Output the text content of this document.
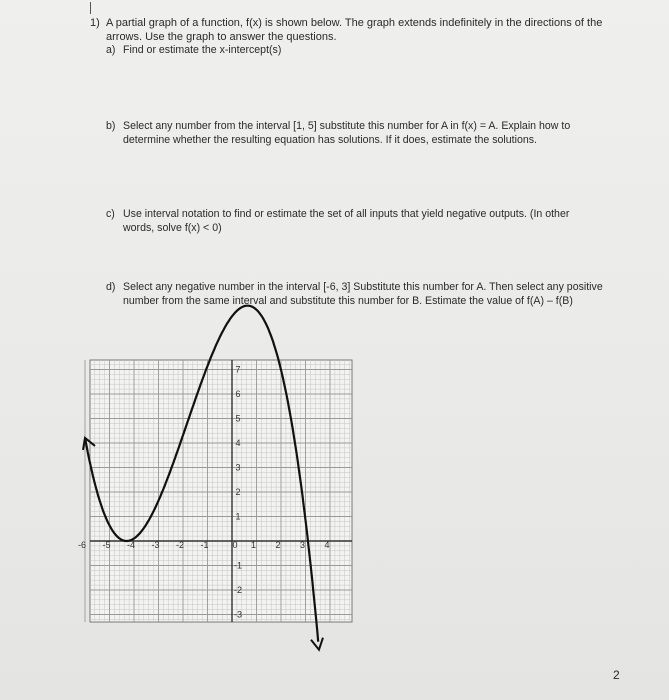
1) A partial graph of a function, f(x) is shown below. The graph extends indefinitely in the directions of the
arrows. Use the graph to answer the questions.
a) Find or estimate the x-intercept(s)
b) Select any number from the interval [1, 5] substitute this number for A in f(x) = A. Explain how to
determine whether the resulting equation has solutions. If it does, estimate the solutions.
c) Use interval notation to find or estimate the set of all inputs that yield negative outputs. (In other
words, solve f(x) < 0)
d) Select any negative number in the interval [-6, 3] Substitute this number for A. Then select any positive
number from the same interval and substitute this number for B. Estimate the value of f(A) – f(B)
-6 -5 -4 -3 -2 -1	0 1 2 3 4
7
6
5
4
3
2
1
-1
-2
-3
2
